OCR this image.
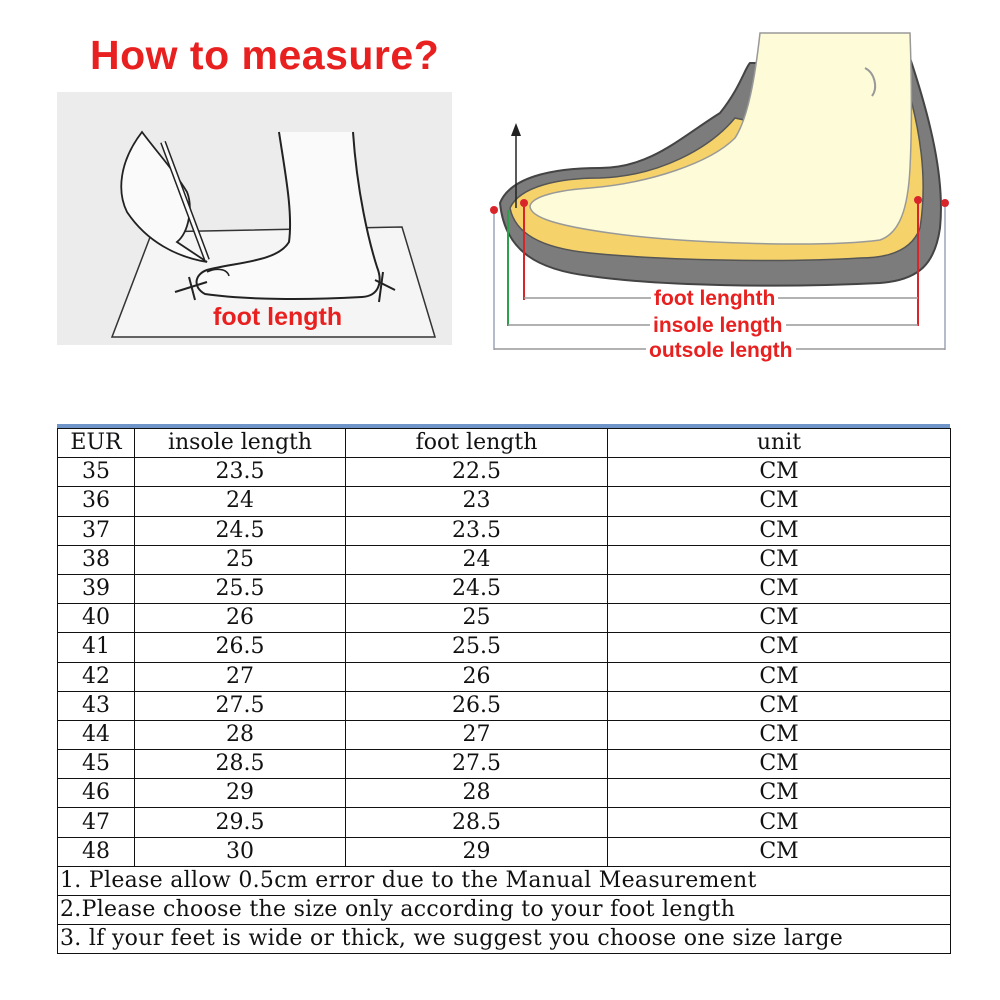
How to measure?
foot length
foot lenghth
insole length
outsole length
EUR	insole length	foot length	unit
35	23.5	22.5	CM
36	24	23	CM
37	24.5	23.5	CM
38	25	24	CM
39	25.5	24.5	CM
40	26	25	CM
41	26.5	25.5	CM
42	27	26	CM
43	27.5	26.5	CM
44	28	27	CM
45	28.5	27.5	CM
46	29	28	CM
47	29.5	28.5	CM
48	30	29	CM
1. Please allow 0.5cm error due to the Manual Measurement			
2.Please choose the size only according to your foot length			
3. lf your feet is wide or thick, we suggest you choose one size large			
